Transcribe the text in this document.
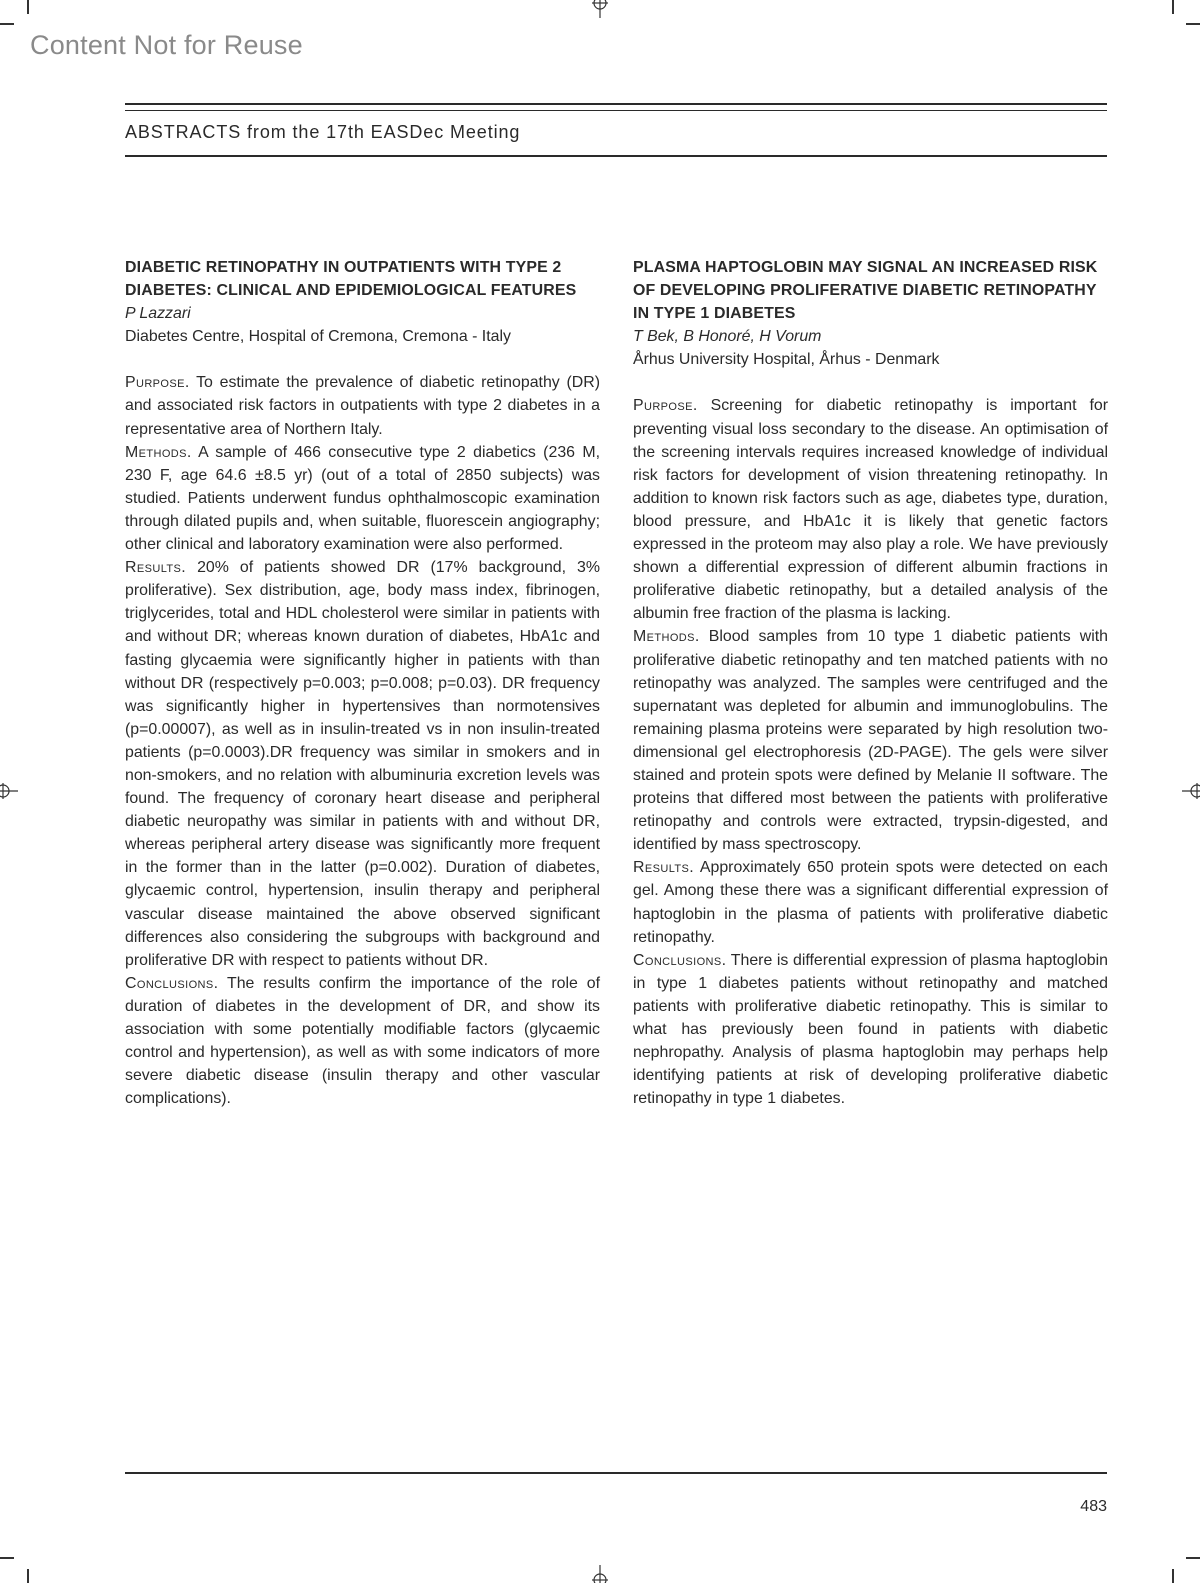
Content Not for Reuse
ABSTRACTS from the 17th EASDec Meeting
DIABETIC RETINOPATHY IN OUTPATIENTS WITH TYPE 2 DIABETES: CLINICAL AND EPIDEMIOLOGICAL FEATURES
P Lazzari
Diabetes Centre, Hospital of Cremona, Cremona - Italy
Purpose. To estimate the prevalence of diabetic retinopathy (DR) and associated risk factors in outpatients with type 2 diabetes in a representative area of Northern Italy.
Methods. A sample of 466 consecutive type 2 diabetics (236 M, 230 F, age 64.6 ±8.5 yr) (out of a total of 2850 subjects) was studied. Patients underwent fundus ophthalmoscopic examination through dilated pupils and, when suitable, fluorescein angiography; other clinical and laboratory examination were also performed.
Results. 20% of patients showed DR (17% background, 3% proliferative). Sex distribution, age, body mass index, fibrinogen, triglycerides, total and HDL cholesterol were similar in patients with and without DR; whereas known duration of diabetes, HbA1c and fasting glycaemia were significantly higher in patients with than without DR (respectively p=0.003; p=0.008; p=0.03). DR frequency was significantly higher in hypertensives than normotensives (p=0.00007), as well as in insulin-treated vs in non insulin-treated patients (p=0.0003).DR frequency was similar in smokers and in non-smokers, and no relation with albuminuria excretion levels was found. The frequency of coronary heart disease and peripheral diabetic neuropathy was similar in patients with and without DR, whereas peripheral artery disease was significantly more frequent in the former than in the latter (p=0.002). Duration of diabetes, glycaemic control, hypertension, insulin therapy and peripheral vascular disease maintained the above observed significant differences also considering the subgroups with background and proliferative DR with respect to patients without DR.
Conclusions. The results confirm the importance of the role of duration of diabetes in the development of DR, and show its association with some potentially modifiable factors (glycaemic control and hypertension), as well as with some indicators of more severe diabetic disease (insulin therapy and other vascular complications).
PLASMA HAPTOGLOBIN MAY SIGNAL AN INCREASED RISK OF DEVELOPING PROLIFERATIVE DIABETIC RETINOPATHY IN TYPE 1 DIABETES
T Bek, B Honoré, H Vorum
Århus University Hospital, Århus - Denmark
Purpose. Screening for diabetic retinopathy is important for preventing visual loss secondary to the disease. An optimisation of the screening intervals requires increased knowledge of individual risk factors for development of vision threatening retinopathy. In addition to known risk factors such as age, diabetes type, duration, blood pressure, and HbA1c it is likely that genetic factors expressed in the proteom may also play a role. We have previously shown a differential expression of different albumin fractions in proliferative diabetic retinopathy, but a detailed analysis of the albumin free fraction of the plasma is lacking.
Methods. Blood samples from 10 type 1 diabetic patients with proliferative diabetic retinopathy and ten matched patients with no retinopathy was analyzed. The samples were centrifuged and the supernatant was depleted for albumin and immunoglobulins. The remaining plasma proteins were separated by high resolution two-dimensional gel electrophoresis (2D-PAGE). The gels were silver stained and protein spots were defined by Melanie II software. The proteins that differed most between the patients with proliferative retinopathy and controls were extracted, trypsin-digested, and identified by mass spectroscopy.
Results. Approximately 650 protein spots were detected on each gel. Among these there was a significant differential expression of haptoglobin in the plasma of patients with proliferative diabetic retinopathy.
Conclusions. There is differential expression of plasma haptoglobin in type 1 diabetes patients without retinopathy and matched patients with proliferative diabetic retinopathy. This is similar to what has previously been found in patients with diabetic nephropathy. Analysis of plasma haptoglobin may perhaps help identifying patients at risk of developing proliferative diabetic retinopathy in type 1 diabetes.
483
